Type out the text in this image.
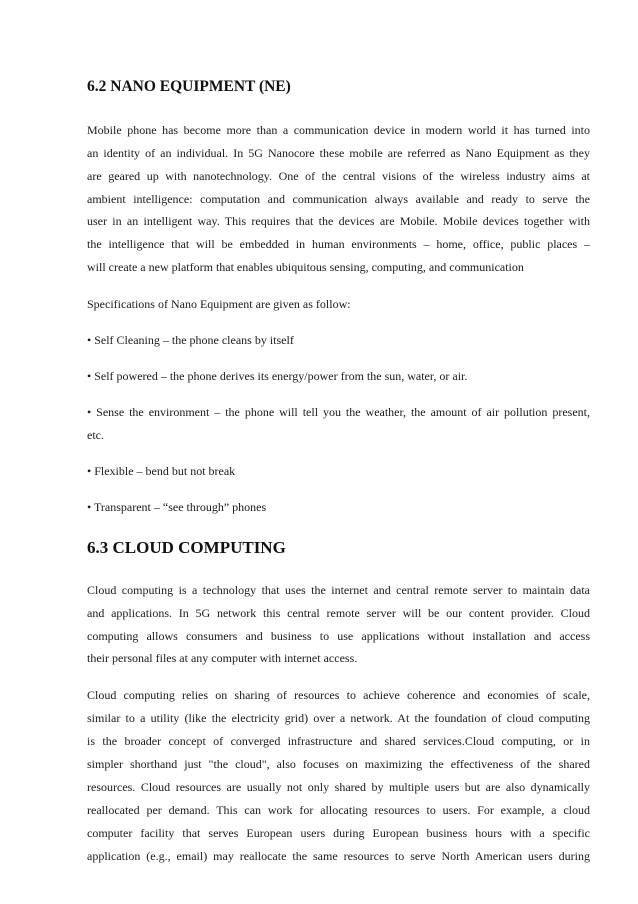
6.2 NANO EQUIPMENT (NE)
Mobile phone has become more than a communication device in modern world it has turned into
an identity of an individual. In 5G Nanocore these mobile are referred as Nano Equipment as they
are geared up with nanotechnology. One of the central visions of the wireless industry aims at
ambient intelligence: computation and communication always available and ready to serve the
user in an intelligent way. This requires that the devices are Mobile. Mobile devices together with
the intelligence that will be embedded in human environments – home, office, public places –
will create a new platform that enables ubiquitous sensing, computing, and communication
Specifications of Nano Equipment are given as follow:
• Self Cleaning – the phone cleans by itself
• Self powered – the phone derives its energy/power from the sun, water, or air.
• Sense the environment – the phone will tell you the weather, the amount of air pollution present,
etc.
• Flexible – bend but not break
• Transparent – “see through” phones
6.3 CLOUD COMPUTING
Cloud computing is a technology that uses the internet and central remote server to maintain data
and applications. In 5G network this central remote server will be our content provider. Cloud
computing allows consumers and business to use applications without installation and access
their personal files at any computer with internet access.
Cloud computing relies on sharing of resources to achieve coherence and economies of scale,
similar to a utility (like the electricity grid) over a network. At the foundation of cloud computing
is the broader concept of converged infrastructure and shared services.Cloud computing, or in
simpler shorthand just "the cloud", also focuses on maximizing the effectiveness of the shared
resources. Cloud resources are usually not only shared by multiple users but are also dynamically
reallocated per demand. This can work for allocating resources to users. For example, a cloud
computer facility that serves European users during European business hours with a specific
application (e.g., email) may reallocate the same resources to serve North American users during
